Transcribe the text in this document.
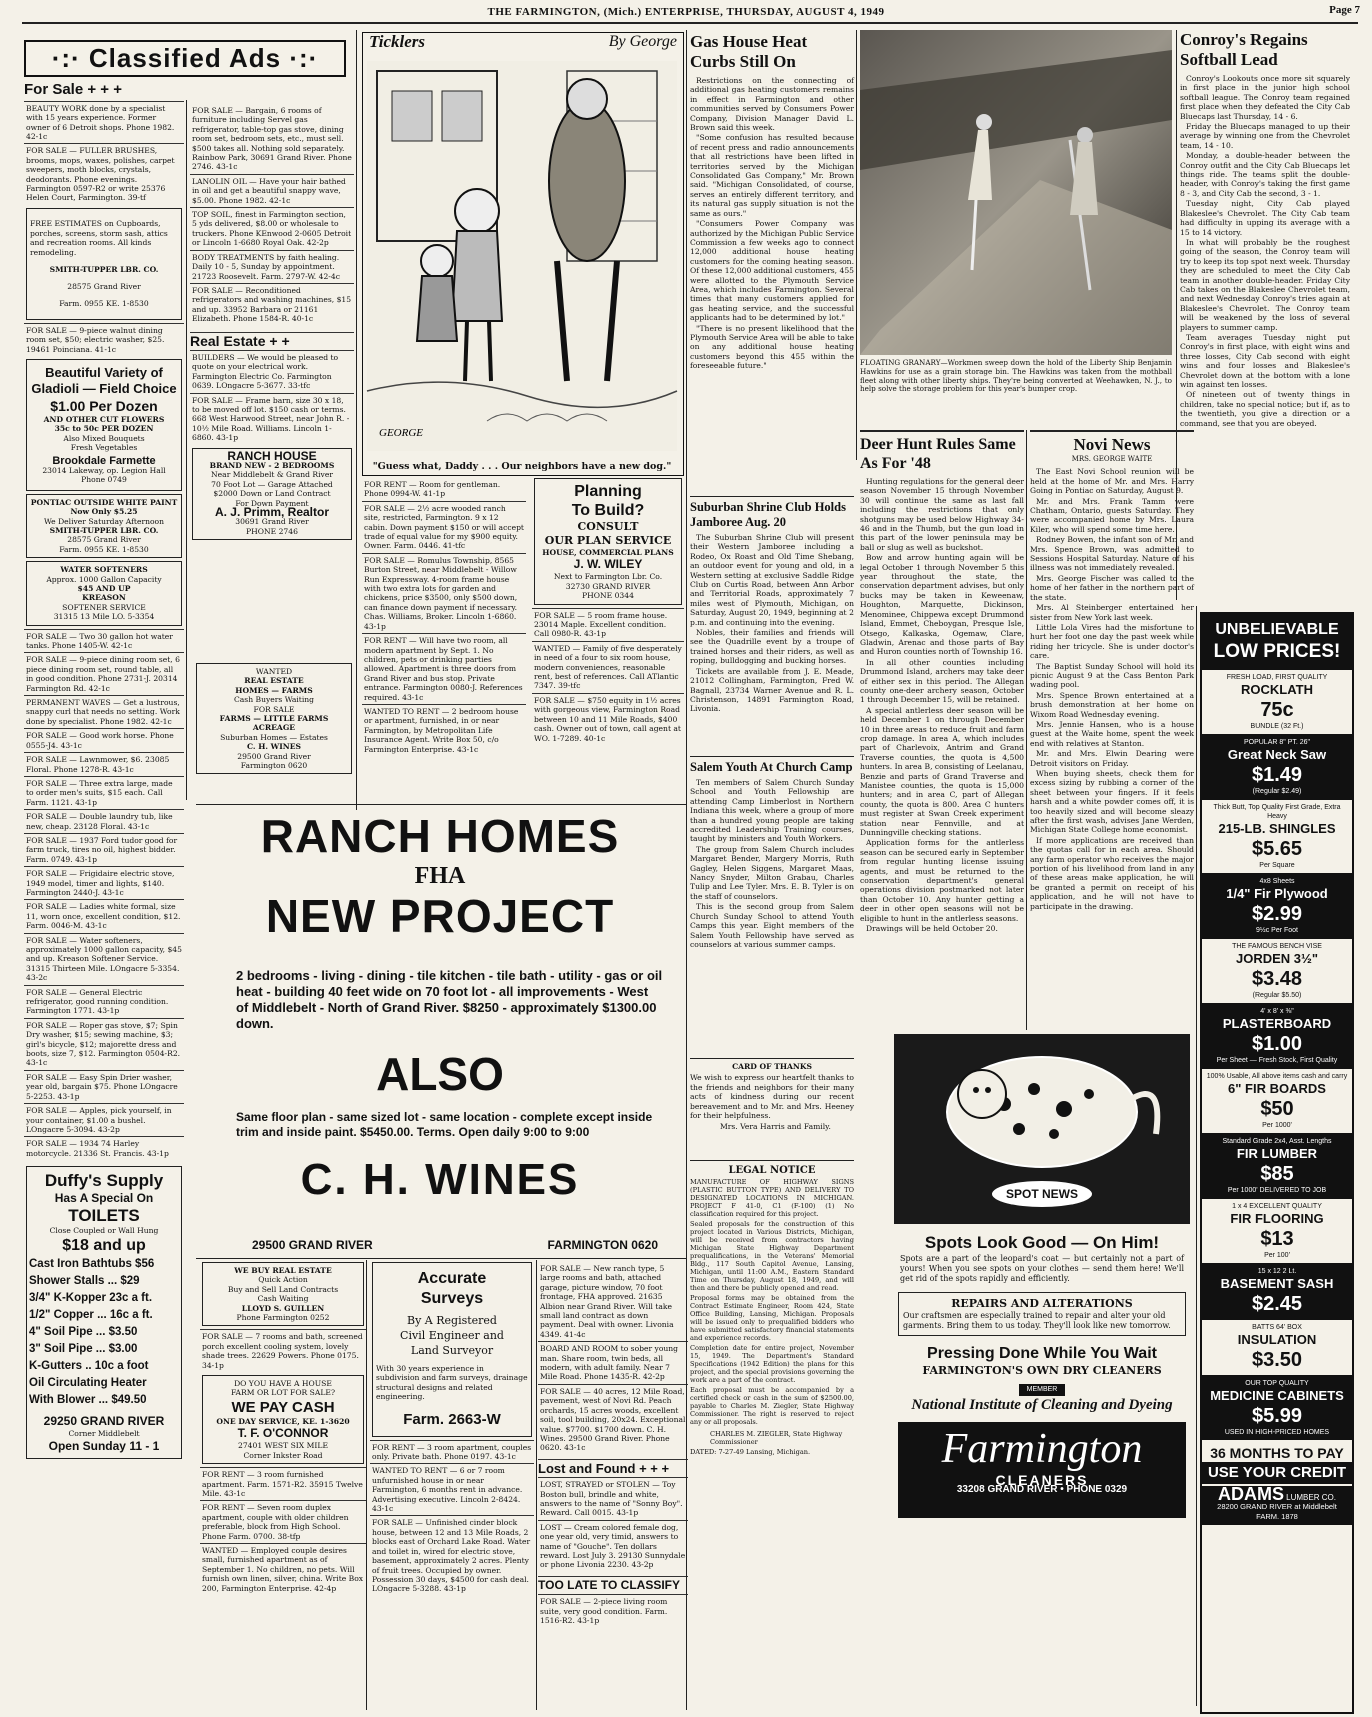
THE FARMINGTON, (Mich.) ENTERPRISE, THURSDAY, AUGUST 4, 1949	Page 7
·:· Classified Ads ·:·
For Sale + + +
BEAUTY WORK done by a specialist with 15 years experience. Former owner of 6 Detroit shops. Phone 1982. 42-1c
FOR SALE — FULLER BRUSHES, brooms, mops, waxes, polishes, carpet sweepers, moth blocks, crystals, deodorants. Phone evenings. Farmington 0597-R2 or write 25376 Helen Court, Farmington. 39-tf

FREE ESTIMATES on Cupboards, porches, screens, storm sash, attics and recreation rooms. All kinds remodeling.

SMITH-TUPPER LBR. CO.

28575 Grand River

Farm. 0955 KE. 1-8530

FOR SALE — 9-piece walnut dining room set, $50; electric washer, $25. 19461 Poinciana. 41-1c
Beautiful Variety of
Gladioli — Field Choice
$1.00 Per Dozen
AND OTHER CUT FLOWERS
35c to 50c PER DOZEN
Also Mixed Bouquets
Fresh Vegetables
Brookdale Farmette
23014 Lakeway, op. Legion Hall
Phone 0749
PONTIAC OUTSIDE WHITE PAINT Now Only $5.25
We Deliver Saturday Afternoon
SMITH-TUPPER LBR. CO.
28575 Grand River
Farm. 0955 KE. 1-8530
WATER SOFTENERS
Approx. 1000 Gallon Capacity
$45 AND UP
KREASON
SOFTENER SERVICE
31315 13 Mile LO. 5-3354
FOR SALE — Two 30 gallon hot water tanks. Phone 1405-W. 42-1c
FOR SALE — 9-piece dining room set, 6 piece dining room set, round table, all in good condition. Phone 2731-J. 20314 Farmington Rd. 42-1c
PERMANENT WAVES — Get a lustrous, snappy curl that needs no setting. Work done by specialist. Phone 1982. 42-1c
FOR SALE — Good work horse. Phone 0555-J4. 43-1c
FOR SALE — Lawnmower, $6. 23085 Floral. Phone 1278-R. 43-1c
FOR SALE — Three extra large, made to order men's suits, $15 each. Call Farm. 1121. 43-1p
FOR SALE — Double laundry tub, like new, cheap. 23128 Floral. 43-1c
FOR SALE — 1937 Ford tudor good for farm truck, tires no oil, highest bidder. Farm. 0749. 43-1p
FOR SALE — Frigidaire electric stove, 1949 model, timer and lights, $140. Farmington 2440-J. 43-1c
FOR SALE — Ladies white formal, size 11, worn once, excellent condition, $12. Farm. 0046-M. 43-1c
FOR SALE — Water softeners, approximately 1000 gallon capacity, $45 and up. Kreason Softener Service. 31315 Thirteen Mile. LOngacre 5-3354. 43-2c
FOR SALE — General Electric refrigerator, good running condition. Farmington 1771. 43-1p
FOR SALE — Roper gas stove, $7; Spin Dry washer, $15; sewing machine, $3; girl's bicycle, $12; majorette dress and boots, size 7, $12. Farmington 0504-R2. 43-1c
FOR SALE — Easy Spin Drier washer, year old, bargain $75. Phone LOngacre 5-2253. 43-1p
FOR SALE — Apples, pick yourself, in your container, $1.00 a bushel. LOngacre 5-3094. 43-2p
FOR SALE — 1934 74 Harley motorcycle. 21336 St. Francis. 43-1p
Duffy's Supply
Has A Special On
TOILETS
Close Coupled or Wall Hung
$18 and up
Cast Iron Bathtubs $56
Shower Stalls ... $29
3/4" K-Kopper 23c a ft.
1/2" Copper ... 16c a ft.
4" Soil Pipe ... $3.50
3" Soil Pipe ... $3.00
K-Gutters .. 10c a foot
Oil Circulating Heater
With Blower ... $49.50
29250 GRAND RIVER
Corner Middlebelt
Open Sunday 11 - 1
FOR SALE — Bargain, 6 rooms of furniture including Servel gas refrigerator, table-top gas stove, dining room set, bedroom sets, etc., must sell. $500 takes all. Nothing sold separately. Rainbow Park, 30691 Grand River. Phone 2746. 43-1c
LANOLIN OIL — Have your hair bathed in oil and get a beautiful snappy wave, $5.00. Phone 1982. 42-1c
TOP SOIL, finest in Farmington section, 5 yds delivered, $8.00 or wholesale to truckers. Phone KEnwood 2-0605 Detroit or Lincoln 1-6680 Royal Oak. 42-2p
BODY TREATMENTS by faith healing. Daily 10 - 5, Sunday by appointment. 21723 Roosevelt. Farm. 2797-W. 42-4c
FOR SALE — Reconditioned refrigerators and washing machines, $15 and up. 33952 Barbara or 21161 Elizabeth. Phone 1584-R. 40-1c
Real Estate + +
BUILDERS — We would be pleased to quote on your electrical work. Farmington Electric Co. Farmington 0639. LOngacre 5-3677. 33-tfc
FOR SALE — Frame barn, size 30 x 18, to be moved off lot. $150 cash or terms. 668 West Harwood Street, near John R. - 10½ Mile Road. Williams. Lincoln 1-6860. 43-1p
RANCH HOUSE
BRAND NEW - 2 BEDROOMS
Near Middlebelt & Grand River
70 Foot Lot — Garage Attached
$2000 Down or Land Contract
For Down Payment
A. J. Primm, Realtor
30691 Grand River
PHONE 2746
WANTED
REAL ESTATE
HOMES — FARMS
Cash Buyers Waiting
FOR SALE
FARMS — LITTLE FARMS
ACREAGE
Suburban Homes — Estates
C. H. WINES
29500 Grand River
Farmington 0620
Ticklers	By George
GEORGE
"Guess what, Daddy . . . Our neighbors have a new dog."
FOR RENT — Room for gentleman. Phone 0994-W. 41-1p
FOR SALE — 2½ acre wooded ranch site, restricted, Farmington. 9 x 12 cabin. Down payment $150 or will accept trade of equal value for my $900 equity. Owner. Farm. 0446. 41-tfc
FOR SALE — Romulus Township, 8565 Burton Street, near Middlebelt - Willow Run Expressway. 4-room frame house with two extra lots for garden and chickens, price $3500, only $500 down, can finance down payment if necessary. Chas. Williams, Broker. Lincoln 1-6860. 43-1p
FOR RENT — Will have two room, all modern apartment by Sept. 1. No children, pets or drinking parties allowed. Apartment is three doors from Grand River and bus stop. Private entrance. Farmington 0080-J. References required. 43-1c
WANTED TO RENT — 2 bedroom house or apartment, furnished, in or near Farmington, by Metropolitan Life Insurance Agent. Write Box 50, c/o Farmington Enterprise. 43-1c
Planning
To Build?
CONSULT
OUR PLAN SERVICE
HOUSE, COMMERCIAL PLANS
J. W. WILEY
Next to Farmington Lbr. Co.
32730 GRAND RIVER
PHONE 0344
FOR SALE — 5 room frame house. 23014 Maple. Excellent condition. Call 0980-R. 43-1p
WANTED — Family of five desperately in need of a four to six room house, modern conveniences, reasonable rent, best of references. Call ATlantic 7347. 39-tfc
FOR SALE — $750 equity in 1½ acres with gorgeous view, Farmington Road between 10 and 11 Mile Roads, $400 cash. Owner out of town, call agent at WO. 1-7289. 40-1c
RANCH HOMES
FHA
NEW PROJECT
2 bedrooms - living - dining - tile kitchen - tile bath - utility - gas or oil heat - building 40 feet wide on 70 foot lot - all improvements - West of Middlebelt - North of Grand River. $8250 - approximately $1300.00 down.
ALSO
Same floor plan - same sized lot - same location - complete except inside trim and inside paint. $5450.00. Terms. Open daily 9:00 to 9:00
C. H. WINES
29500 GRAND RIVER	FARMINGTON 0620
WE BUY REAL ESTATE
Quick Action
Buy and Sell Land Contracts
Cash Waiting
LLOYD S. GUILLEN
Phone Farmington 0252
FOR SALE — 7 rooms and bath, screened porch excellent cooling system, lovely shade trees. 22629 Powers. Phone 0175. 34-1p
DO YOU HAVE A HOUSE
FARM OR LOT FOR SALE?
WE PAY CASH
ONE DAY SERVICE, KE. 1-3620
T. F. O'CONNOR
27401 WEST SIX MILE
Corner Inkster Road
FOR RENT — 3 room furnished apartment. Farm. 1571-R2. 35915 Twelve Mile. 43-1c
FOR RENT — Seven room duplex apartment, couple with older children preferable, block from High School. Phone Farm. 0700. 38-tfp
WANTED — Employed couple desires small, furnished apartment as of September 1. No children, no pets. Will furnish own linen, silver, china. Write Box 200, Farmington Enterprise. 42-4p
Accurate
Surveys
By A Registered
Civil Engineer and
Land Surveyor
With 30 years experience in subdivision and farm surveys, drainage structural designs and related engineering.
Farm. 2663-W
FOR RENT — 3 room apartment, couples only. Private bath. Phone 0197. 43-1c
WANTED TO RENT — 6 or 7 room unfurnished house in or near Farmington, 6 months rent in advance. Advertising executive. Lincoln 2-8424. 43-1c
FOR SALE — Unfinished cinder block house, between 12 and 13 Mile Roads, 2 blocks east of Orchard Lake Road. Water and toilet in, wired for electric stove, basement, approximately 2 acres. Plenty of fruit trees. Occupied by owner. Possession 30 days, $4500 for cash deal. LOngacre 5-3288. 43-1p
FOR SALE — New ranch type, 5 large rooms and bath, attached garage, picture window, 70 foot frontage, FHA approved. 21635 Albion near Grand River. Will take small land contract as down payment. Deal with owner. Livonia 4349. 41-4c
BOARD AND ROOM to sober young man. Share room, twin beds, all modern, with adult family. Near 7 Mile Road. Phone 1435-R. 42-2p
FOR SALE — 40 acres, 12 Mile Road, pavement, west of Novi Rd. Peach orchards, 15 acres woods, excellent soil, tool building, 20x24. Exceptional value. $7700. $1700 down. C. H. Wines. 29500 Grand River. Phone 0620. 43-1c
Lost and Found + + +
LOST, STRAYED or STOLEN — Toy Boston bull, brindle and white, answers to the name of "Sonny Boy". Reward. Call 0015. 43-1p
LOST — Cream colored female dog, one year old, very timid, answers to name of "Gouche". Ten dollars reward. Lost July 3. 29130 Sunnydale or phone Livonia 2230. 43-2p
TOO LATE TO CLASSIFY
FOR SALE — 2-piece living room suite, very good condition. Farm. 1516-R2. 43-1p
Gas House Heat Curbs Still On

Restrictions on the connecting of additional gas heating customers remains in effect in Farmington and other communities served by Consumers Power Company, Division Manager David L. Brown said this week.

"Some confusion has resulted because of recent press and radio announcements that all restrictions have been lifted in territories served by the Michigan Consolidated Gas Company," Mr. Brown said. "Michigan Consolidated, of course, serves an entirely different territory, and its natural gas supply situation is not the same as ours."

"Consumers Power Company was authorized by the Michigan Public Service Commission a few weeks ago to connect 12,000 additional house heating customers for the coming heating season. Of these 12,000 additional customers, 455 were allotted to the Plymouth Service Area, which includes Farmington. Several times that many customers applied for gas heating service, and the successful applicants had to be determined by lot."

"There is no present likelihood that the Plymouth Service Area will be able to take on any additional house heating customers beyond this 455 within the foreseeable future."

Suburban Shrine Club Holds Jamboree Aug. 20

The Suburban Shrine Club will present their Western Jamboree including a Rodeo, Ox Roast and Old Time Shebang, an outdoor event for young and old, in a Western setting at exclusive Saddle Ridge Club on Curtis Road, between Ann Arbor and Territorial Roads, approximately 7 miles west of Plymouth, Michigan, on Saturday, August 20, 1949, beginning at 2 p.m. and continuing into the evening.

Nobles, their families and friends will see the Quadrille event by a troupe of trained horses and their riders, as well as roping, bulldogging and bucking horses.

Tickets are available from J. E. Meade, 21012 Collingham, Farmington, Fred W. Bagnall, 23734 Warner Avenue and R. L. Christenson, 14891 Farmington Road, Livonia.

Salem Youth At Church Camp

Ten members of Salem Church Sunday School and Youth Fellowship are attending Camp Limberlost in Northern Indiana this week, where a group of more than a hundred young people are taking accredited Leadership Training courses, taught by ministers and Youth Workers.

The group from Salem Church includes Margaret Bender, Margery Morris, Ruth Gagley, Helen Siggens, Margaret Maas, Nancy Snyder, Milton Grabau, Charles Tulip and Lee Tyler. Mrs. E. B. Tyler is on the staff of counselors.

This is the second group from Salem Church Sunday School to attend Youth Camps this year. Eight members of the Salem Youth Fellowship have served as counselors at various summer camps.

CARD OF THANKS

We wish to express our heartfelt thanks to the friends and neighbors for their many acts of kindness during our recent bereavement and to Mr. and Mrs. Heeney for their helpfulness.

Mrs. Vera Harris and Family.

LEGAL NOTICE

MANUFACTURE OF HIGHWAY SIGNS (PLASTIC BUTTON TYPE) AND DELIVERY TO DESIGNATED LOCATIONS IN MICHIGAN. PROJECT F 41-0, C1 (F-100) (1) No classification required for this project.

Sealed proposals for the construction of this project located in Various Districts, Michigan, will be received from contractors having Michigan State Highway Department prequalifications, in the Veterans' Memorial Bldg., 117 South Capitol Avenue, Lansing, Michigan, until 11:00 A.M., Eastern Standard Time on Thursday, August 18, 1949, and will then and there be publicly opened and read.

Proposal forms may be obtained from the Contract Estimate Engineer, Room 424, State Office Building, Lansing, Michigan. Proposals will be issued only to prequalified bidders who have submitted satisfactory financial statements and experience records.

Completion date for entire project, November 15, 1949. The Department's Standard Specifications (1942 Edition) the plans for this project, and the special provisions governing the work are a part of the contract.

Each proposal must be accompanied by a certified check or cash in the sum of $2500.00, payable to Charles M. Ziegler, State Highway Commissioner. The right is reserved to reject any or all proposals.

CHARLES M. ZIEGLER, State Highway Commissioner

DATED: 7-27-49 Lansing, Michigan.

FLOATING GRANARY—Workmen sweep down the hold of the Liberty Ship Benjamin Hawkins for use as a grain storage bin. The Hawkins was taken from the mothball fleet along with other liberty ships. They're being converted at Weehawken, N. J., to help solve the storage problem for this year's bumper crop.
Conroy's Regains Softball Lead

Conroy's Lookouts once more sit squarely in first place in the junior high school softball league. The Conroy team regained first place when they defeated the City Cab Bluecaps last Thursday, 14 - 6.

Friday the Bluecaps managed to up their average by winning one from the Chevrolet team, 14 - 10.

Monday, a double-header between the Conroy outfit and the City Cab Bluecaps let things ride. The teams split the double-header, with Conroy's taking the first game 8 - 3, and City Cab the second, 3 - 1.

Tuesday night, City Cab played Blakeslee's Chevrolet. The City Cab team had difficulty in upping its average with a 15 to 14 victory.

In what will probably be the roughest going of the season, the Conroy team will try to keep its top spot next week. Thursday they are scheduled to meet the City Cab team in another double-header. Friday City Cab takes on the Blakeslee Chevrolet team, and next Wednesday Conroy's tries again at Blakeslee's Chevrolet. The Conroy team will be weakened by the loss of several players to summer camp.

Team averages Tuesday night put Conroy's in first place, with eight wins and three losses, City Cab second with eight wins and four losses and Blakeslee's Chevrolet down at the bottom with a lone win against ten losses.

Of nineteen out of twenty things in children, take no special notice; but if, as to the twentieth, you give a direction or a command, see that you are obeyed.

Deer Hunt Rules Same As For '48

Hunting regulations for the general deer season November 15 through November 30 will continue the same as last fall including the restrictions that only shotguns may be used below Highway 34-46 and in the Thumb, but the gun load in this part of the lower peninsula may be ball or slug as well as buckshot.

Bow and arrow hunting again will be legal October 1 through November 5 this year throughout the state, the conservation department advises, but only bucks may be taken in Keweenaw, Houghton, Marquette, Dickinson, Menominee, Chippewa except Drummond Island, Emmet, Cheboygan, Presque Isle, Otsego, Kalkaska, Ogemaw, Clare, Gladwin, Arenac and those parts of Bay and Huron counties north of Township 16.

In all other counties including Drummond Island, archers may take deer of either sex in this period. The Allegan county one-deer archery season, October 1 through December 15, will be retained.

A special antlerless deer season will be held December 1 on through December 10 in three areas to reduce fruit and farm crop damage. In area A, which includes part of Charlevoix, Antrim and Grand Traverse counties, the quota is 4,500 hunters. In area B, consisting of Leelanau, Benzie and parts of Grand Traverse and Manistee counties, the quota is 15,000 hunters; and in area C, part of Allegan county, the quota is 800. Area C hunters must register at Swan Creek experiment station near Fennville, and at Dunningville checking stations.

Application forms for the antlerless season can be secured early in September from regular hunting license issuing agents, and must be returned to the conservation department's general operations division postmarked not later than October 10. Any hunter getting a deer in other open seasons will not be eligible to hunt in the antlerless seasons.

Drawings will be held October 20.

Novi News
MRS. GEORGE WAITE

The East Novi School reunion will be held at the home of Mr. and Mrs. Harry Going in Pontiac on Saturday, August 9.

Mr. and Mrs. Frank Tamm were Chatham, Ontario, guests Saturday. They were accompanied home by Mrs. Laura Kiler, who will spend some time here.

Rodney Bowen, the infant son of Mr. and Mrs. Spence Brown, was admitted to Sessions Hospital Saturday. Nature of his illness was not immediately revealed.

Mrs. George Fischer was called to the home of her father in the northern part of the state.

Mrs. Al Steinberger entertained her sister from New York last week.

Little Lola Vires had the misfortune to hurt her foot one day the past week while riding her tricycle. She is under doctor's care.

The Baptist Sunday School will hold its picnic August 9 at the Cass Benton Park wading pool.

Mrs. Spence Brown entertained at a brush demonstration at her home on Wixom Road Wednesday evening.

Mrs. Jennie Hansen, who is a house guest at the Waite home, spent the week end with relatives at Stanton.

Mr. and Mrs. Elwin Dearing were Detroit visitors on Friday.

When buying sheets, check them for excess sizing by rubbing a corner of the sheet between your fingers. If it feels harsh and a white powder comes off, it is too heavily sized and will become sleazy after the first wash, advises Jane Werden, Michigan State College home economist.

If more applications are received than the quotas call for in each area. Should any farm operator who receives the major portion of his livelihood from land in any of these areas make application, he will be granted a permit on receipt of his application, and he will not have to participate in the drawing.

SPOT NEWS
Spots Look Good — On Him!
Spots are a part of the leopard's coat — but certainly not a part of yours! When you see spots on your clothes — send them here! We'll get rid of the spots rapidly and efficiently.
REPAIRS AND ALTERATIONS
Our craftsmen are especially trained to repair and alter your old garments. Bring them to us today. They'll look like new tomorrow.
Pressing Done While You Wait
FARMINGTON'S OWN DRY CLEANERS
MEMBER
National Institute of Cleaning and Dyeing
Farmington
CLEANERS
33208 GRAND RIVER • PHONE 0329
UNBELIEVABLE
LOW PRICES!
FRESH LOAD, FIRST QUALITY
ROCKLATH
75c
BUNDLE (32 Ft.)
POPULAR 8" PT. 26"
Great Neck Saw
$1.49
(Regular $2.49)
Thick Butt, Top Quality First Grade, Extra Heavy
215-LB. SHINGLES
$5.65
Per Square
4x8 Sheets
1/4" Fir Plywood
$2.99
9½c Per Foot
THE FAMOUS BENCH VISE
JORDEN 3½"
$3.48
(Regular $5.50)
4' x 8' x ⅜"
PLASTERBOARD
$1.00
Per Sheet — Fresh Stock, First Quality
100% Usable, All above items cash and carry
6" FIR BOARDS
$50
Per 1000'
Standard Grade 2x4, Asst. Lengths
FIR LUMBER
$85
Per 1000' DELIVERED TO JOB
1 x 4 EXCELLENT QUALITY
FIR FLOORING
$13
Per 100'
15 x 12 2 Lt.
BASEMENT SASH
$2.45
BATTS 64' BOX
INSULATION
$3.50
OUR TOP QUALITY
MEDICINE CABINETS
$5.99
USED IN HIGH-PRICED HOMES
36 MONTHS TO PAY
USE YOUR CREDIT
ADAMS LUMBER CO.
28200 GRAND RIVER at Middlebelt
FARM. 1878
